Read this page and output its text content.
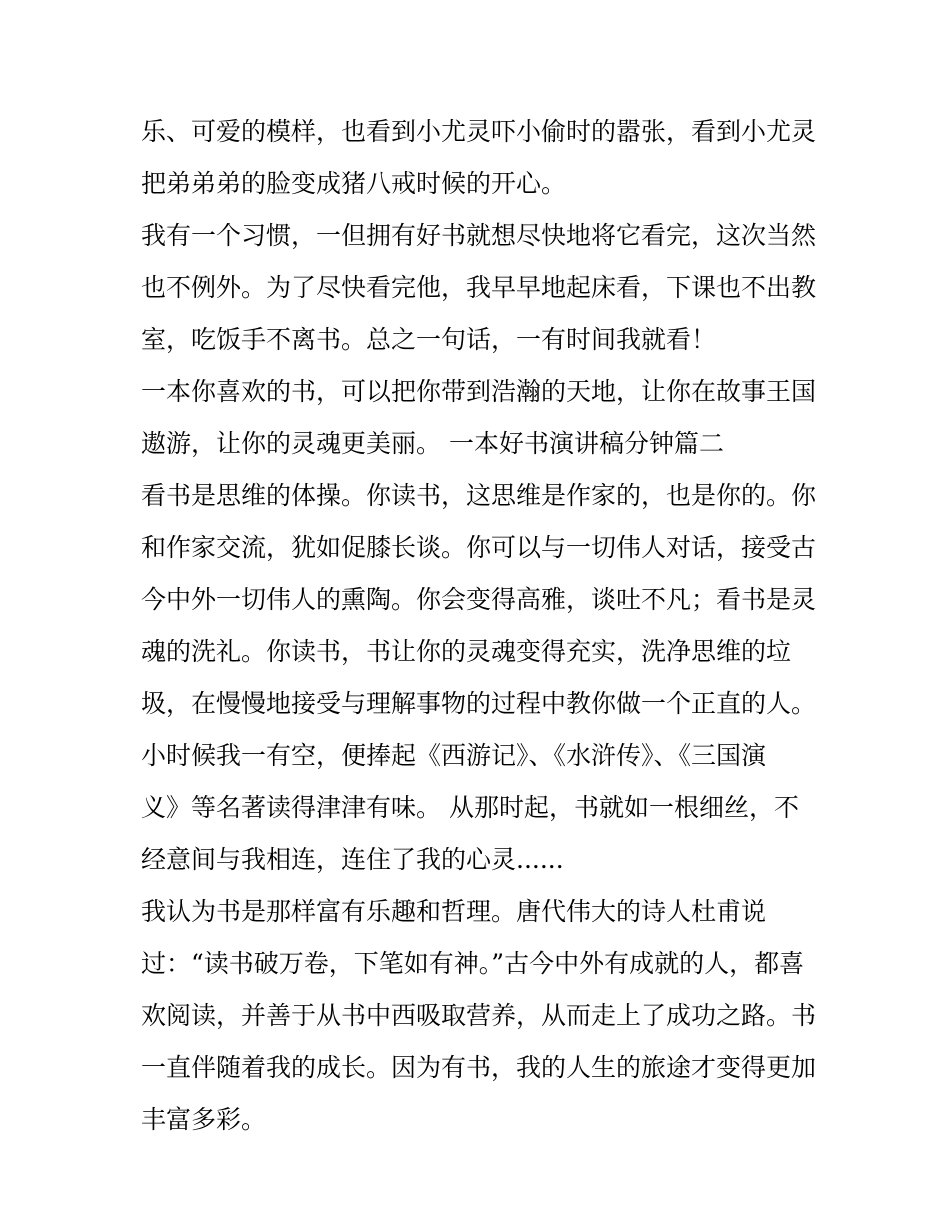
乐、可爱的模样，也看到小尤灵吓小偷时的嚣张，看到小尤灵
把弟弟弟的脸变成猪八戒时候的开心。
我有一个习惯，一但拥有好书就想尽快地将它看完，这次当然
也不例外。为了尽快看完他，我早早地起床看，下课也不出教
室，吃饭手不离书。总之一句话，一有时间我就看！
一本你喜欢的书，可以把你带到浩瀚的天地，让你在故事王国
遨游，让你的灵魂更美丽。 一本好书演讲稿分钟篇二
看书是思维的体操。你读书，这思维是作家的，也是你的。你
和作家交流，犹如促膝长谈。你可以与一切伟人对话，接受古
今中外一切伟人的熏陶。你会变得高雅，谈吐不凡；看书是灵
魂的洗礼。你读书，书让你的灵魂变得充实，洗净思维的垃
圾，在慢慢地接受与理解事物的过程中教你做一个正直的人。
小时候我一有空，便捧起《西游记》、《水浒传》、《三国演
义》等名著读得津津有味。 从那时起，书就如一根细丝，不
经意间与我相连，连住了我的心灵......
我认为书是那样富有乐趣和哲理。唐代伟大的诗人杜甫说
过：“读书破万卷，下笔如有神。”古今中外有成就的人，都喜
欢阅读，并善于从书中西吸取营养，从而走上了成功之路。书
一直伴随着我的成长。因为有书，我的人生的旅途才变得更加
丰富多彩。
